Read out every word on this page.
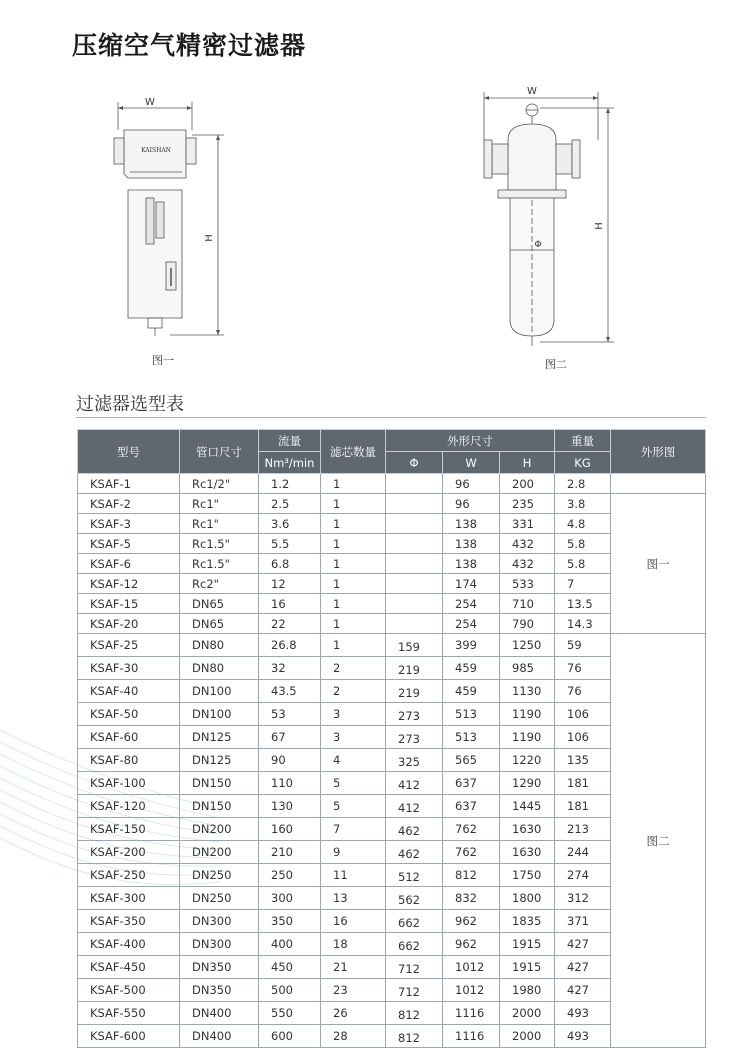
压缩空气精密过滤器
W
H
KAISHAN
图一
W
H
Φ
图二
过滤器选型表
型号	管口尺寸	流量	滤芯数量	外形尺寸			重量	外形图
		Nm³/min		Φ	W	H	KG	
KSAF-1	Rc1/2"	1.2	1		96	200	2.8	
KSAF-2	Rc1"	2.5	1		96	235	3.8	图一
KSAF-3	Rc1"	3.6	1		138	331	4.8	
KSAF-5	Rc1.5"	5.5	1		138	432	5.8	
KSAF-6	Rc1.5"	6.8	1		138	432	5.8	
KSAF-12	Rc2"	12	1		174	533	7	
KSAF-15	DN65	16	1		254	710	13.5	
KSAF-20	DN65	22	1		254	790	14.3	
KSAF-25	DN80	26.8	1	159	399	1250	59	图二
KSAF-30	DN80	32	2	219	459	985	76	
KSAF-40	DN100	43.5	2	219	459	1130	76	
KSAF-50	DN100	53	3	273	513	1190	106	
KSAF-60	DN125	67	3	273	513	1190	106	
KSAF-80	DN125	90	4	325	565	1220	135	
KSAF-100	DN150	110	5	412	637	1290	181	
KSAF-120	DN150	130	5	412	637	1445	181	
KSAF-150	DN200	160	7	462	762	1630	213	
KSAF-200	DN200	210	9	462	762	1630	244	
KSAF-250	DN250	250	11	512	812	1750	274	
KSAF-300	DN250	300	13	562	832	1800	312	
KSAF-350	DN300	350	16	662	962	1835	371	
KSAF-400	DN300	400	18	662	962	1915	427	
KSAF-450	DN350	450	21	712	1012	1915	427	
KSAF-500	DN350	500	23	712	1012	1980	427	
KSAF-550	DN400	550	26	812	1116	2000	493	
KSAF-600	DN400	600	28	812	1116	2000	493	
